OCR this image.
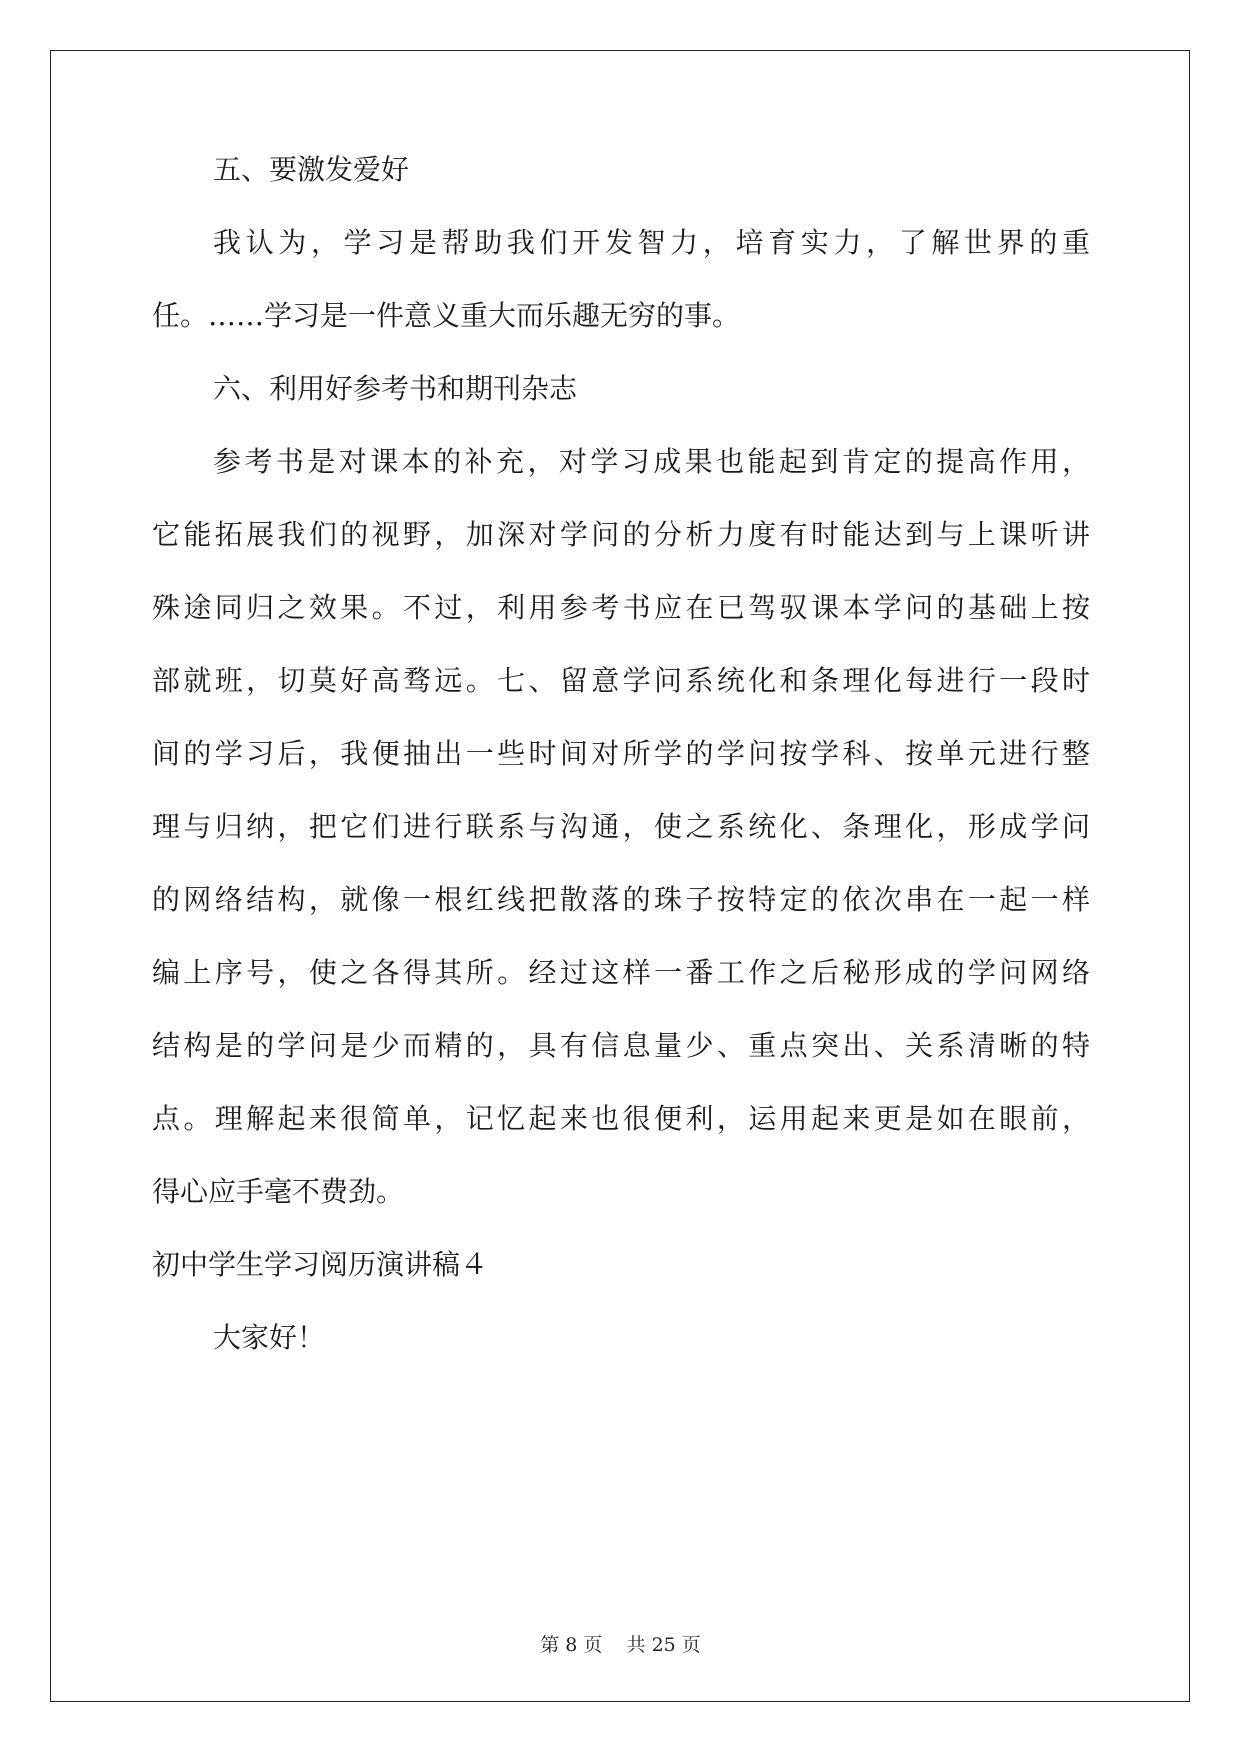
五、要激发爱好
我认为，学习是帮助我们开发智力，培育实力，了解世界的重
任。……学习是一件意义重大而乐趣无穷的事。
六、利用好参考书和期刊杂志
参考书是对课本的补充，对学习成果也能起到肯定的提高作用，
它能拓展我们的视野，加深对学问的分析力度有时能达到与上课听讲
殊途同归之效果。不过，利用参考书应在已驾驭课本学问的基础上按
部就班，切莫好高骛远。七、留意学问系统化和条理化每进行一段时
间的学习后，我便抽出一些时间对所学的学问按学科、按单元进行整
理与归纳，把它们进行联系与沟通，使之系统化、条理化，形成学问
的网络结构，就像一根红线把散落的珠子按特定的依次串在一起一样
编上序号，使之各得其所。经过这样一番工作之后秘形成的学问网络
结构是的学问是少而精的，具有信息量少、重点突出、关系清晰的特
点。理解起来很简单，记忆起来也很便利，运用起来更是如在眼前，
得心应手毫不费劲。
初中学生学习阅历演讲稿４
大家好！
第 8 页    共 25 页
